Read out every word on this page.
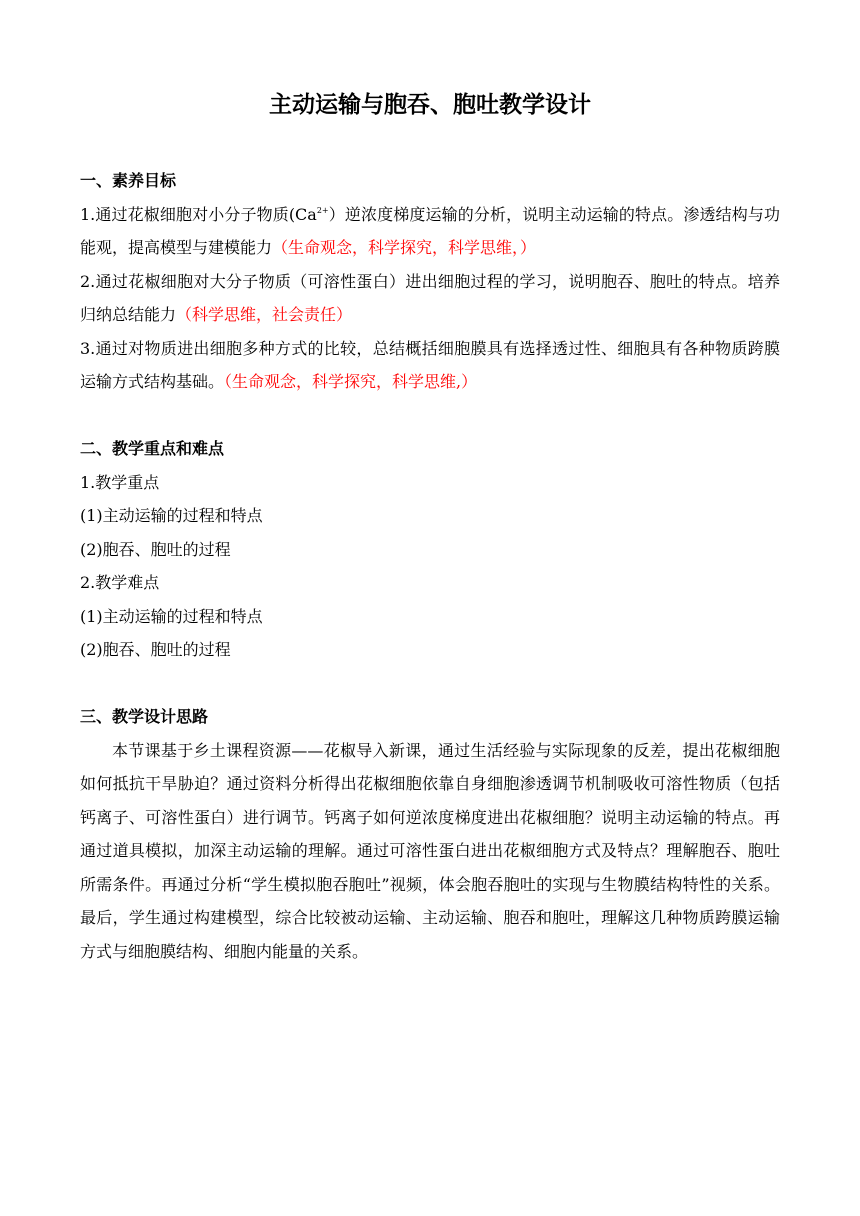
主动运输与胞吞、胞吐教学设计

一、素养目标

1.通过花椒细胞对小分子物质$(Ca^{2+})$逆浓度梯度运输的分析，说明主动运输的特点。渗透结构与功能观，提高模型与建模能力（生命观念，科学探究，科学思维，）

2.通过花椒细胞对大分子物质（可溶性蛋白）进出细胞过程的学习，说明胞吞、胞吐的特点。培养归纳总结能力（科学思维，社会责任）

3.通过对物质进出细胞多种方式的比较，总结概括细胞膜具有选择透过性、细胞具有各种物质跨膜运输方式结构基础。（生命观念，科学探究，科学思维,）

二、教学重点和难点

1.教学重点

(1)主动运输的过程和特点

(2)胞吞、胞吐的过程

2.教学难点

(1)主动运输的过程和特点

(2)胞吞、胞吐的过程

三、教学设计思路

本节课基于乡土课程资源——花椒导入新课，通过生活经验与实际现象的反差，提出花椒细胞如何抵抗干旱胁迫？通过资料分析得出花椒细胞依靠自身细胞渗透调节机制吸收可溶性物质（包括钙离子、可溶性蛋白）进行调节。钙离子如何逆浓度梯度进出花椒细胞？说明主动运输的特点。再通过道具模拟，加深主动运输的理解。通过可溶性蛋白进出花椒细胞方式及特点？理解胞吞、胞吐所需条件。再通过分析“学生模拟胞吞胞吐”视频，体会胞吞胞吐的实现与生物膜结构特性的关系。最后，学生通过构建模型，综合比较被动运输、主动运输、胞吞和胞吐，理解这几种物质跨膜运输方式与细胞膜结构、细胞内能量的关系。
